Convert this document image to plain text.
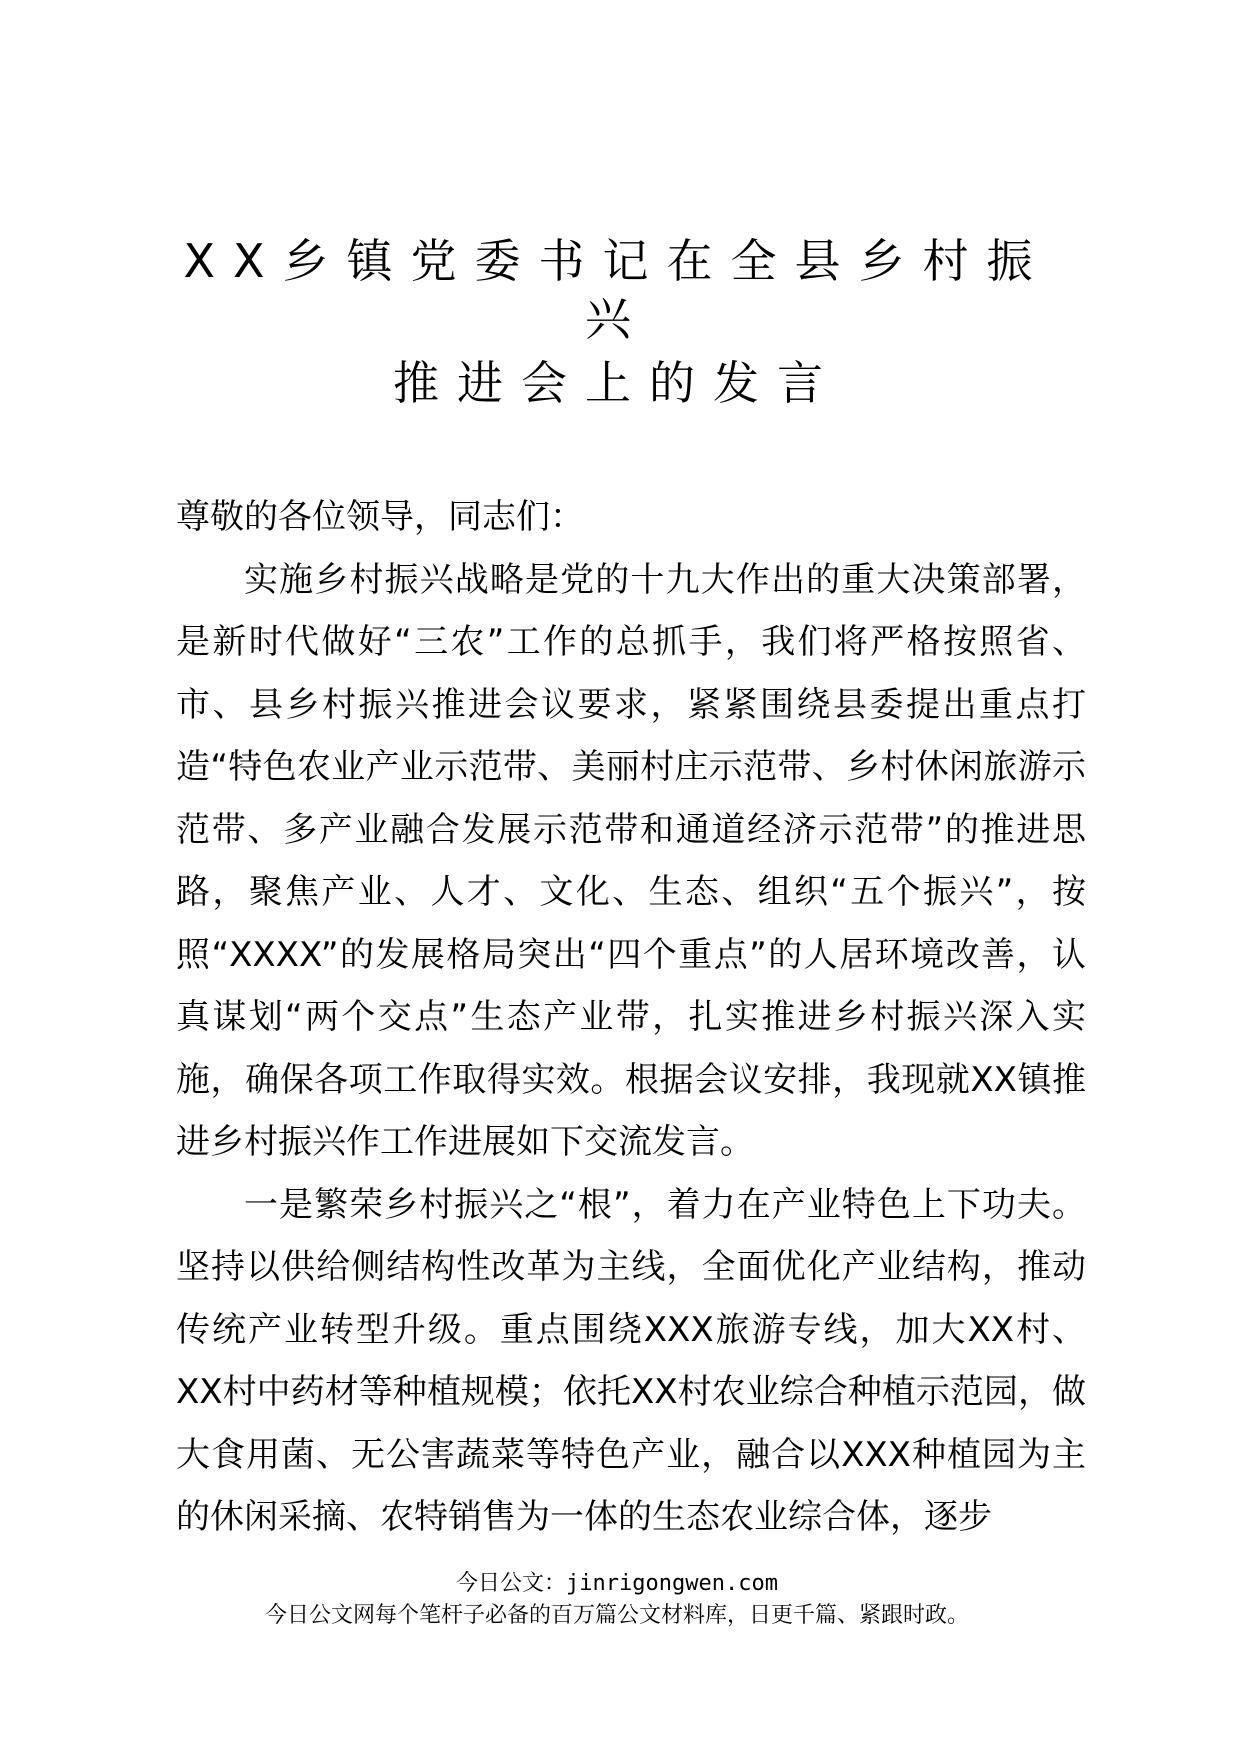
XX乡镇党委书记在全县乡村振
兴
推进会上的发言

尊敬的各位领导，同志们：

实施乡村振兴战略是党的十九大作出的重大决策部署，是新时代做好“三农”工作的总抓手，我们将严格按照省、市、县乡村振兴推进会议要求，紧紧围绕县委提出重点打造“特色农业产业示范带、美丽村庄示范带、乡村休闲旅游示范带、多产业融合发展示范带和通道经济示范带”的推进思路，聚焦产业、人才、文化、生态、组织“五个振兴”，按照“XXXX”的发展格局突出“四个重点”的人居环境改善，认真谋划“两个交点”生态产业带，扎实推进乡村振兴深入实施，确保各项工作取得实效。根据会议安排，我现就XX镇推进乡村振兴作工作进展如下交流发言。

一是繁荣乡村振兴之“根”，着力在产业特色上下功夫。坚持以供给侧结构性改革为主线，全面优化产业结构，推动传统产业转型升级。重点围绕XXX旅游专线，加大XX村、XX村中药材等种植规模；依托XX村农业综合种植示范园，做大食用菌、无公害蔬菜等特色产业，融合以XXX种植园为主的休闲采摘、农特销售为一体的生态农业综合体，逐步

今日公文：jinrigongwen.com
今日公文网每个笔杆子必备的百万篇公文材料库，日更千篇、紧跟时政。
